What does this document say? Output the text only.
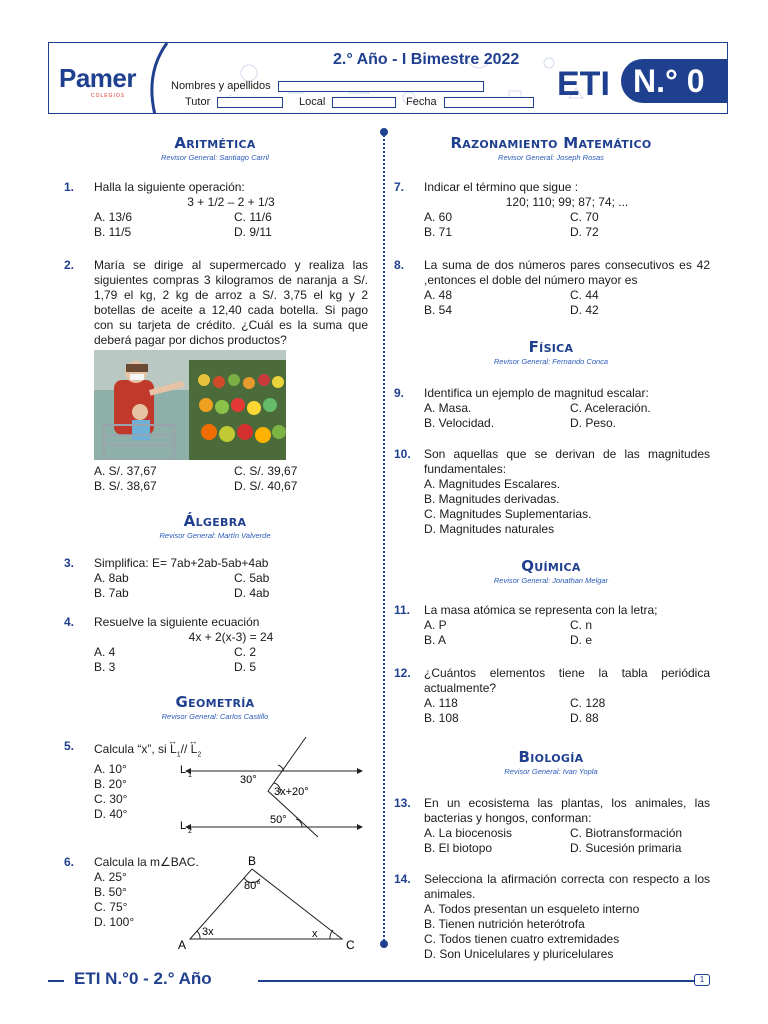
Pamer
COLEGIOS
2.° Año - I Bimestre 2022
Nombres y apellidos
Tutor	Local	Fecha	ETI N.° 0
Aritmética
Revisor General: Santiago Carril
1.	Halla la siguiente operación:
3 + 1/2 – 2 + 1/3
A. 13/6	C. 11/6
B. 11/5	D. 9/11
2.	María se dirige al supermercado y realiza las siguientes compras 3 kilogramos de naranja a S/. 1,79 el kg, 2 kg de arroz a S/. 3,75 el kg y 2 botellas de aceite a 12,40 cada botella. Si pago con su tarjeta de crédito. ¿Cuál es la suma que deberá pagar por dichos productos?
A. S/. 37,67	C. S/. 39,67
B. S/. 38,67	D. S/. 40,67
Álgebra
Revisor General: Martín Valverde
3.	Simplifica: E= 7ab+2ab-5ab+4ab
A. 8ab	C. 5ab
B. 7ab	D. 4ab
4.	Resuelve la siguiente ecuación
4x + 2(x-3) = 24
A. 4	C. 2
B. 3	D. 5
Geometría
Revisor General: Carlos Castillo
5.	Calcula “x”, si
↔
$L_1//$
↔
$L_2$
A. 10°
B. 20°
C. 30°
D. 40°
L 1
L 2
30°
3x+20°
50°
6.	Calcula la m∠BAC.
A. 25°
B. 50°
C. 75°
D. 100°
B
A	C
80°
3x	x
Razonamiento Matemático
Revisor General: Joseph Rosas
7.	Indicar el término que sigue :
120; 110; 99; 87; 74; ...
A. 60	C. 70
B. 71	D. 72
8.	La suma de dos números pares consecutivos es 42 ,entonces el doble del número mayor es
A. 48	C. 44
B. 54	D. 42
Física
Revisor General: Fernando Conca
9.	Identifica un ejemplo de magnitud escalar:
A. Masa.	C. Aceleración.
B. Velocidad.	D. Peso.
10.	Son aquellas que se derivan de las magnitudes fundamentales:
A. Magnitudes Escalares.
B. Magnitudes derivadas.
C. Magnitudes Suplementarias.
D. Magnitudes naturales
Química
Revisor General: Jonathan Melgar
11.	La masa atómica se representa con la letra;
A. P	C. n
B. A	D. e
12.	¿Cuántos elementos tiene la tabla periódica actualmente?
A. 118	C. 128
B. 108	D. 88
Biología
Revisor General: Ivan Yopla
13.	En un ecosistema las plantas, los animales, las bacterias y hongos, conforman:
A. La biocenosis	C. Biotransformación
B. El biotopo	D. Sucesión primaria
14.	Selecciona la afirmación correcta con respecto a los animales.
A. Todos presentan un esqueleto interno
B. Tienen nutrición heterótrofa
C. Todos tienen cuatro extremidades
D. Son Unicelulares y pluricelulares
ETI N.°0 - 2.° Año	1
